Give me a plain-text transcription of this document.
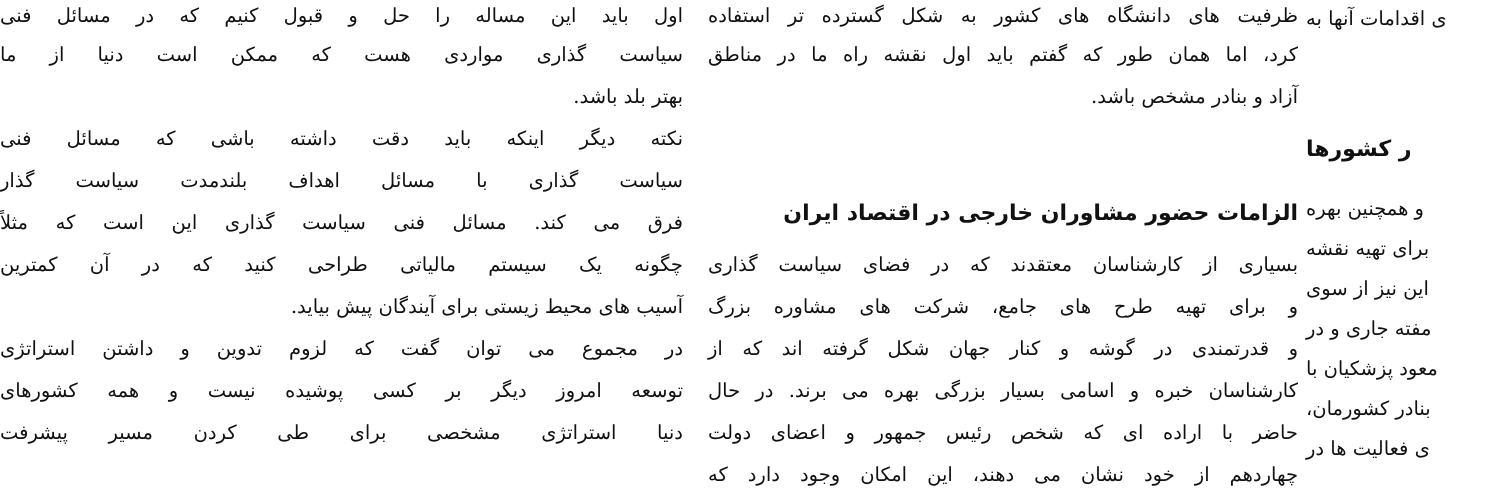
اول باید این مساله را حل و قبول کنیم که در مسائل فنی
سیاست گذاری مواردی هست که ممکن است دنیا از ما
بهتر بلد باشد.
نکته دیگر اینکه باید دقت داشته باشی که مسائل فنی
سیاست گذاری با مسائل اهداف بلندمدت سیاست گذار
فرق می کند. مسائل فنی سیاست گذاری این است که مثلاً
چگونه یک سیستم مالیاتی طراحی کنید که در آن کمترین
آسیب های محیط زیستی برای آیندگان پیش بیاید.
در مجموع می توان گفت که لزوم تدوین و داشتن استراتژی
توسعه امروز دیگر بر کسی پوشیده نیست و همه کشورهای
دنیا استراتژی مشخصی برای طی کردن مسیر پیشرفت
ظرفیت های دانشگاه های کشور به شکل گسترده تر استفاده
کرد، اما همان طور که گفتم باید اول نقشه راه ما در مناطق
آزاد و بنادر مشخص باشد.
الزامات حضور مشاوران خارجی در اقتصاد ایران
بسیاری از کارشناسان معتقدند که در فضای سیاست گذاری
و برای تهیه طرح های جامع، شرکت های مشاوره بزرگ
و قدرتمندی در گوشه و کنار جهان شکل گرفته اند که از
کارشناسان خبره و اسامی بسیار بزرگی بهره می برند. در حال
حاضر با اراده ای که شخص رئیس جمهور و اعضای دولت
چهاردهم از خود نشان می دهند، این امکان وجود دارد که
ی اقدامات آنها به
ر کشورها
و همچنین بهره
برای تهیه نقشه
این نیز از سوی
مفته جاری و در
معود پزشکیان با
بنادر کشورمان،
ی فعالیت ها در
